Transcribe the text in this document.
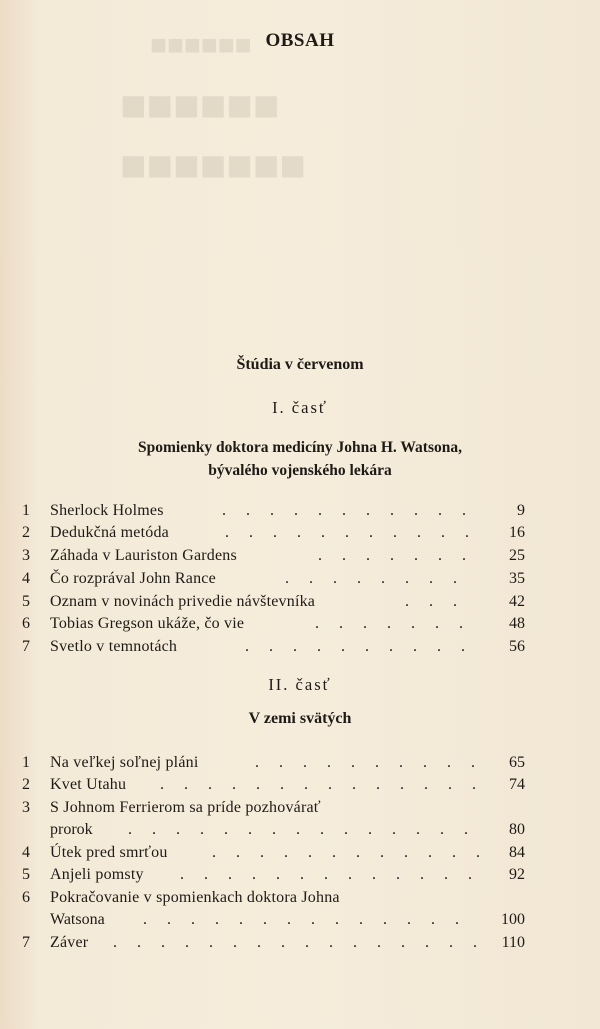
■■■■■■
■■■■■■
■■■■■■■
OBSAH
Štúdia v červenom
I. časť
Spomienky doktora medicíny Johna H. Watsona,
bývalého vojenského lekára
1	Sherlock Holmes	. . . . . . . . . . .	9
2	Dedukčná metóda	. . . . . . . . . . . 16
3	Záhada v Lauriston Gardens	. . . . . . . 25
4	Čo rozprával John Rance	. . . . . . . .	35
5	Oznam v novinách privedie návštevníka	. . .	42
6	Tobias Gregson ukáže, čo vie	. . . . . . . 48
7	Svetlo v temnotách	. . . . . . . . . . 56
II. časť
V zemi svätých
1	Na veľkej soľnej pláni	. . . . . . . . . . 65
2	Kvet Utahu . . . . . . . . . . . . . . 74
3	S Johnom Ferrierom sa príde pozhovárať
prorok . . . . . . . . . . . . . . . 80
4	Útek pred smrťou	. . . . . . . . . . . . 84
5	Anjeli pomsty . . . . . . . . . . . . . 92
6	Pokračovanie v spomienkach doktora Johna
Watsona . . . . . . . . . . . . . . 100
7	Záver . . . . . . . . . . . . . . . . 110
